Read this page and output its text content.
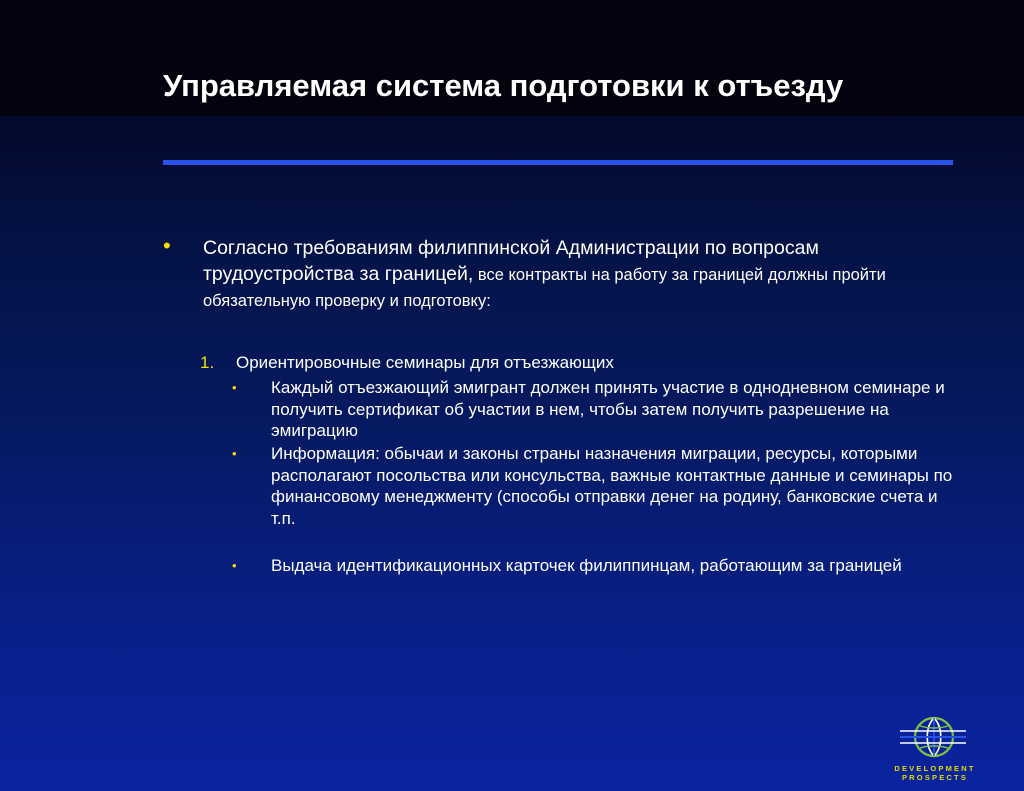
Управляемая система подготовки к отъезду
• Согласно требованиям филиппинской Администрации по вопросам трудоустройства за границей, все контракты на работу за границей должны пройти обязательную проверку и подготовку:
1. Ориентировочные семинары для отъезжающих
• Каждый отъезжающий эмигрант должен принять участие в однодневном семинаре и получить сертификат об участии в нем, чтобы затем получить разрешение на эмиграцию
• Информация: обычаи и законы страны назначения миграции, ресурсы, которыми располагают посольства или консульства, важные контактные данные и семинары по финансовому менеджменту (способы отправки денег на родину, банковские счета и т.п.
• Выдача идентификационных карточек филиппинцам, работающим за границей
DEVELOPMENT PROSPECTS
